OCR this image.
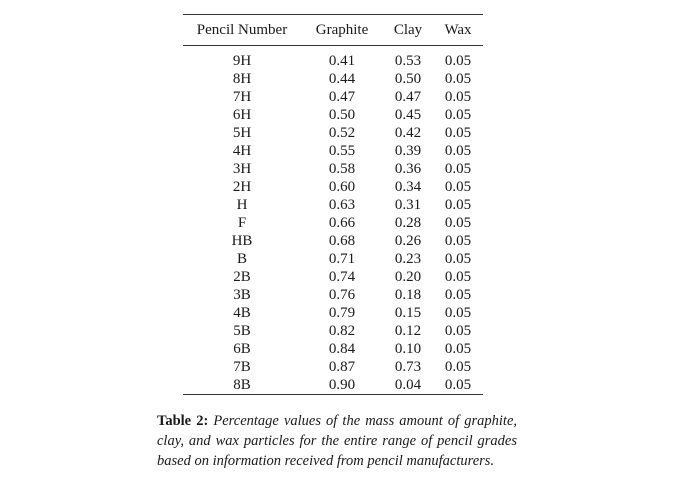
Pencil Number	Graphite	Clay	Wax

9H	0.41	0.53	0.05
8H	0.44	0.50	0.05
7H	0.47	0.47	0.05
6H	0.50	0.45	0.05
5H	0.52	0.42	0.05
4H	0.55	0.39	0.05
3H	0.58	0.36	0.05
2H	0.60	0.34	0.05
H	0.63	0.31	0.05
F	0.66	0.28	0.05
HB	0.68	0.26	0.05
B	0.71	0.23	0.05
2B	0.74	0.20	0.05
3B	0.76	0.18	0.05
4B	0.79	0.15	0.05
5B	0.82	0.12	0.05
6B	0.84	0.10	0.05
7B	0.87	0.73	0.05
8B	0.90	0.04	0.05
Table 2: Percentage values of the mass amount of graphite, clay, and wax particles for the entire range of pencil grades based on information received from pencil manufacturers.
